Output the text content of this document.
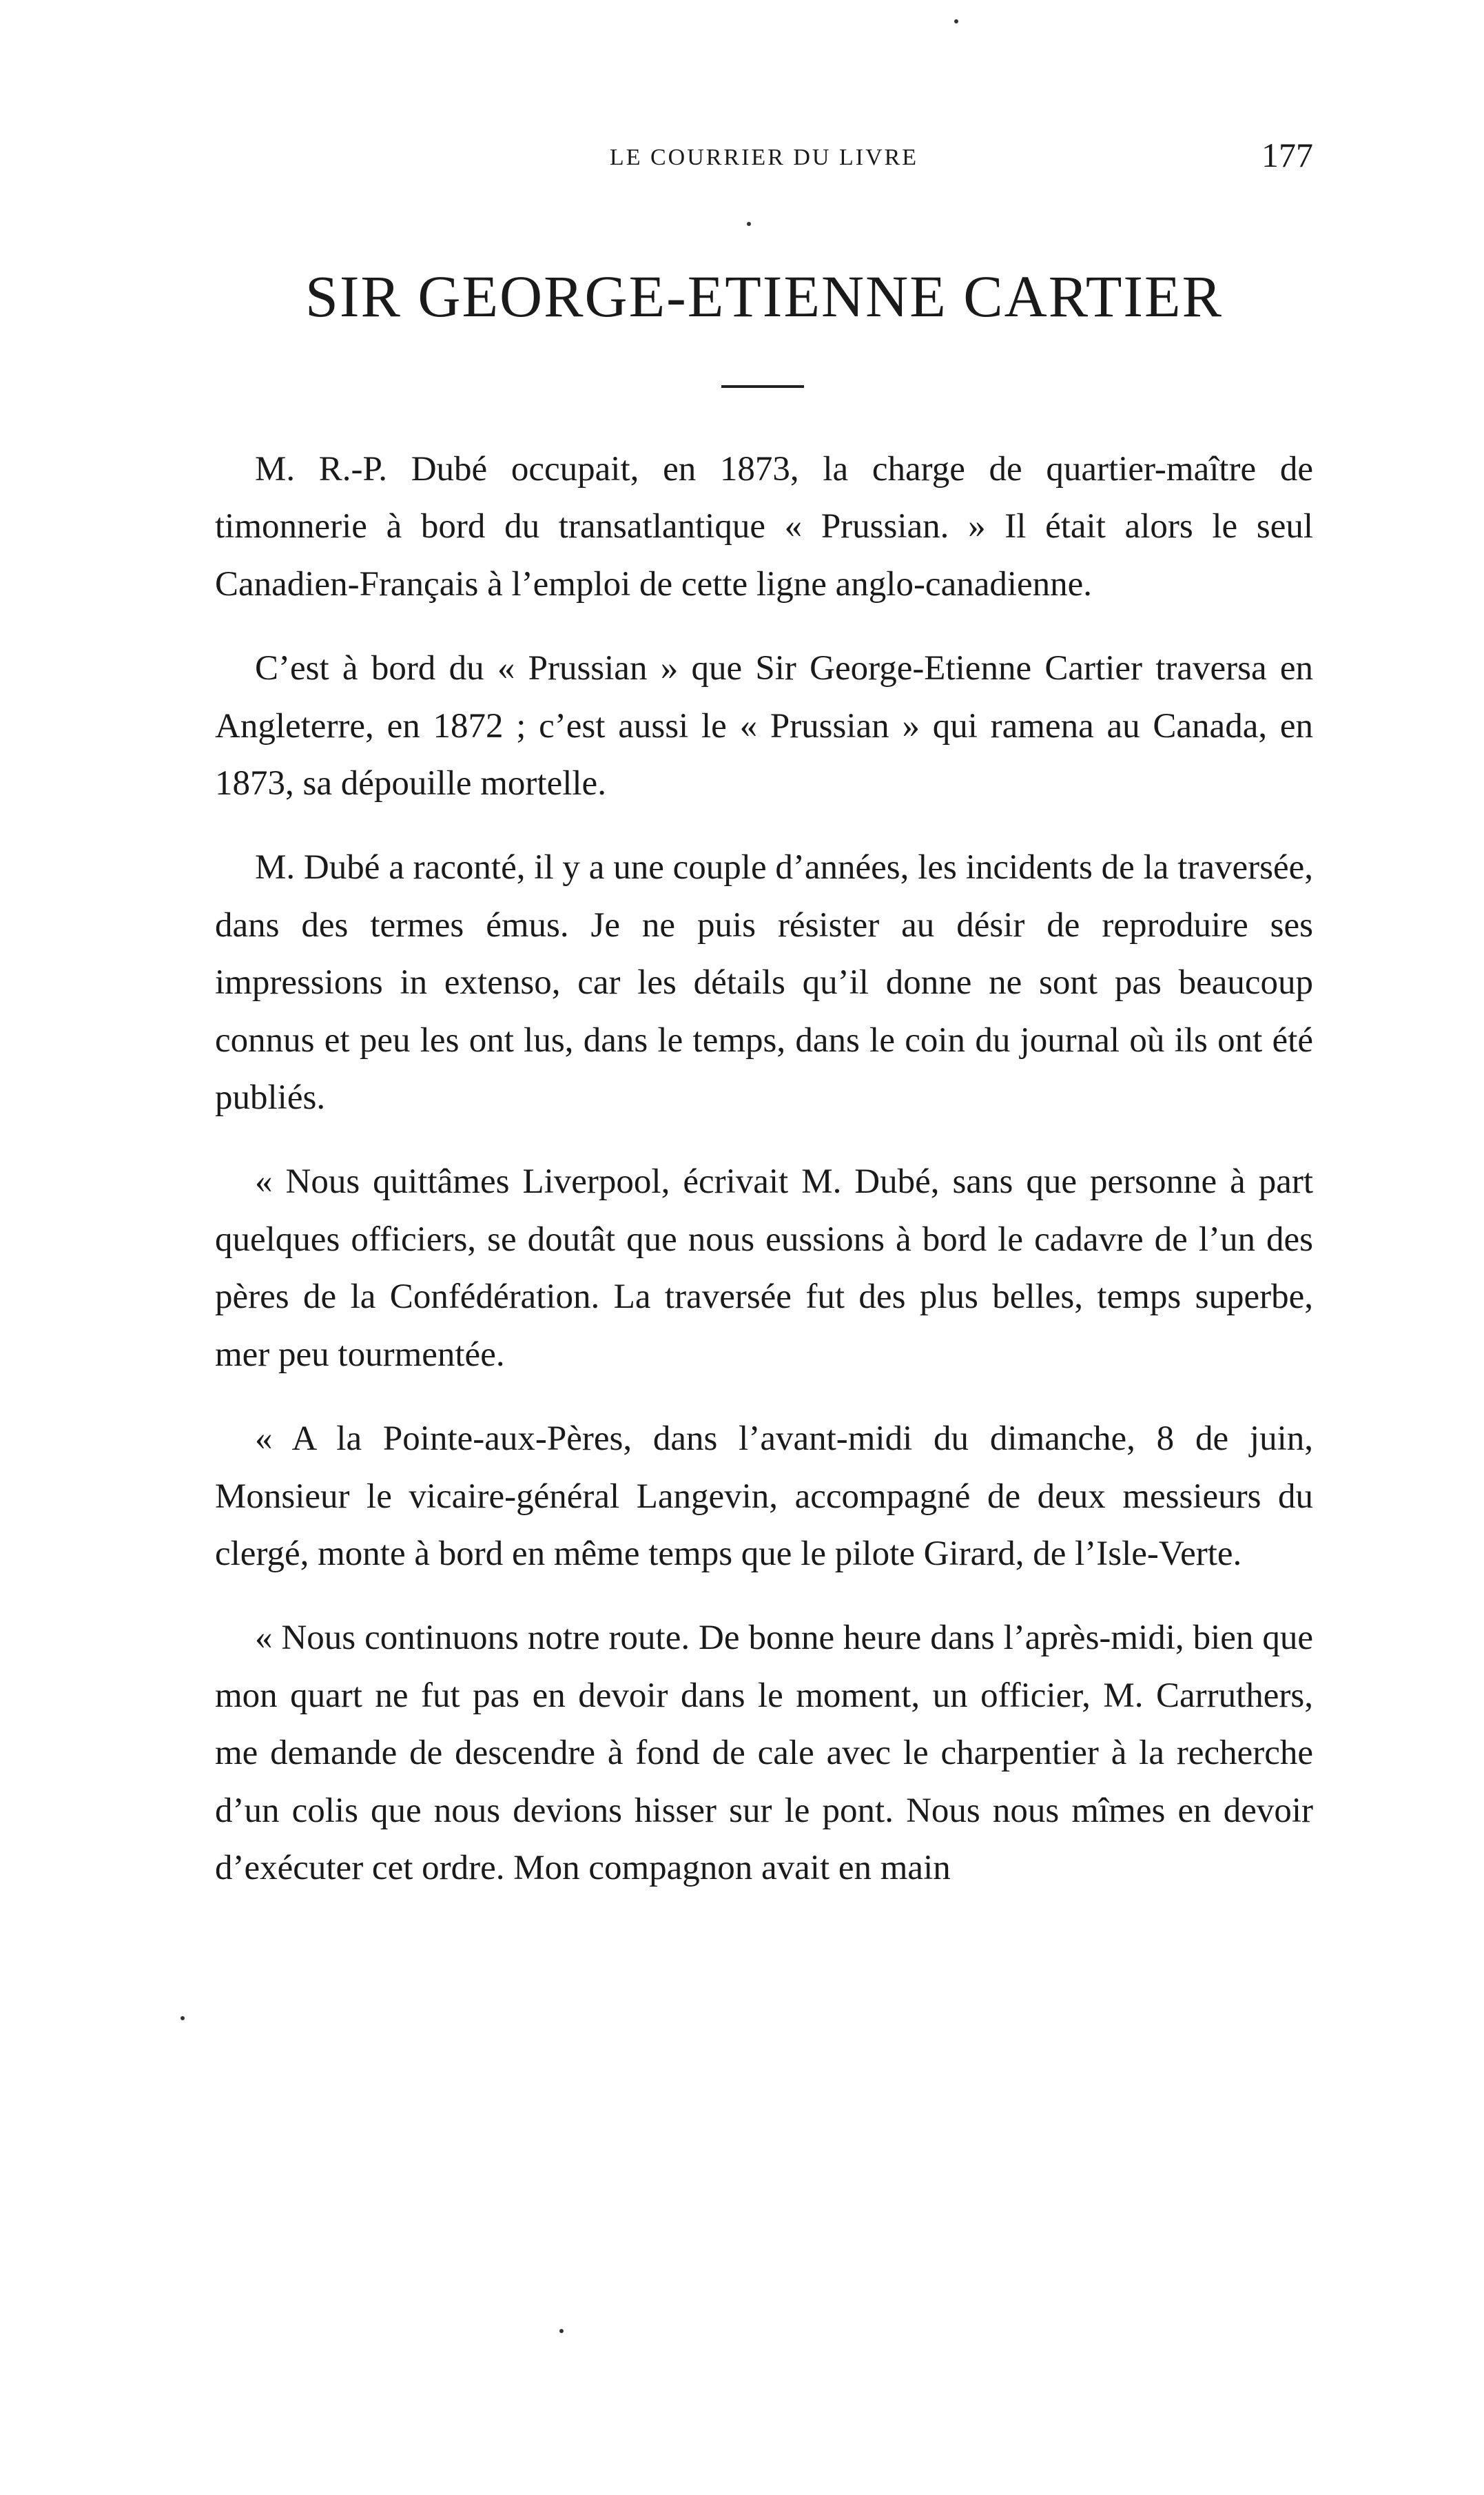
LE COURRIER DU LIVRE	177
SIR GEORGE-ETIENNE CARTIER

M. R.-P. Dubé occupait, en 1873, la charge de quartier-maître de timonnerie à bord du transatlantique « Prussian. » Il était alors le seul Canadien-Français à l’emploi de cette ligne anglo-canadienne.

C’est à bord du « Prussian » que Sir George-Etienne Cartier traversa en Angleterre, en 1872 ; c’est aussi le « Prussian » qui ramena au Canada, en 1873, sa dépouille mortelle.

M. Dubé a raconté, il y a une couple d’années, les incidents de la traversée, dans des termes émus. Je ne puis résister au désir de reproduire ses impressions in extenso, car les détails qu’il donne ne sont pas beaucoup connus et peu les ont lus, dans le temps, dans le coin du journal où ils ont été publiés.

« Nous quittâmes Liverpool, écrivait M. Dubé, sans que personne à part quelques officiers, se doutât que nous eussions à bord le cadavre de l’un des pères de la Confédération. La traversée fut des plus belles, temps superbe, mer peu tourmentée.

« A la Pointe-aux-Pères, dans l’avant-midi du dimanche, 8 de juin, Monsieur le vicaire-général Langevin, accompagné de deux messieurs du clergé, monte à bord en même temps que le pilote Girard, de l’Isle-Verte.

« Nous continuons notre route. De bonne heure dans l’après-midi, bien que mon quart ne fut pas en devoir dans le moment, un officier, M. Carruthers, me demande de descendre à fond de cale avec le charpentier à la recherche d’un colis que nous devions hisser sur le pont. Nous nous mîmes en devoir d’exécuter cet ordre. Mon compagnon avait en main
